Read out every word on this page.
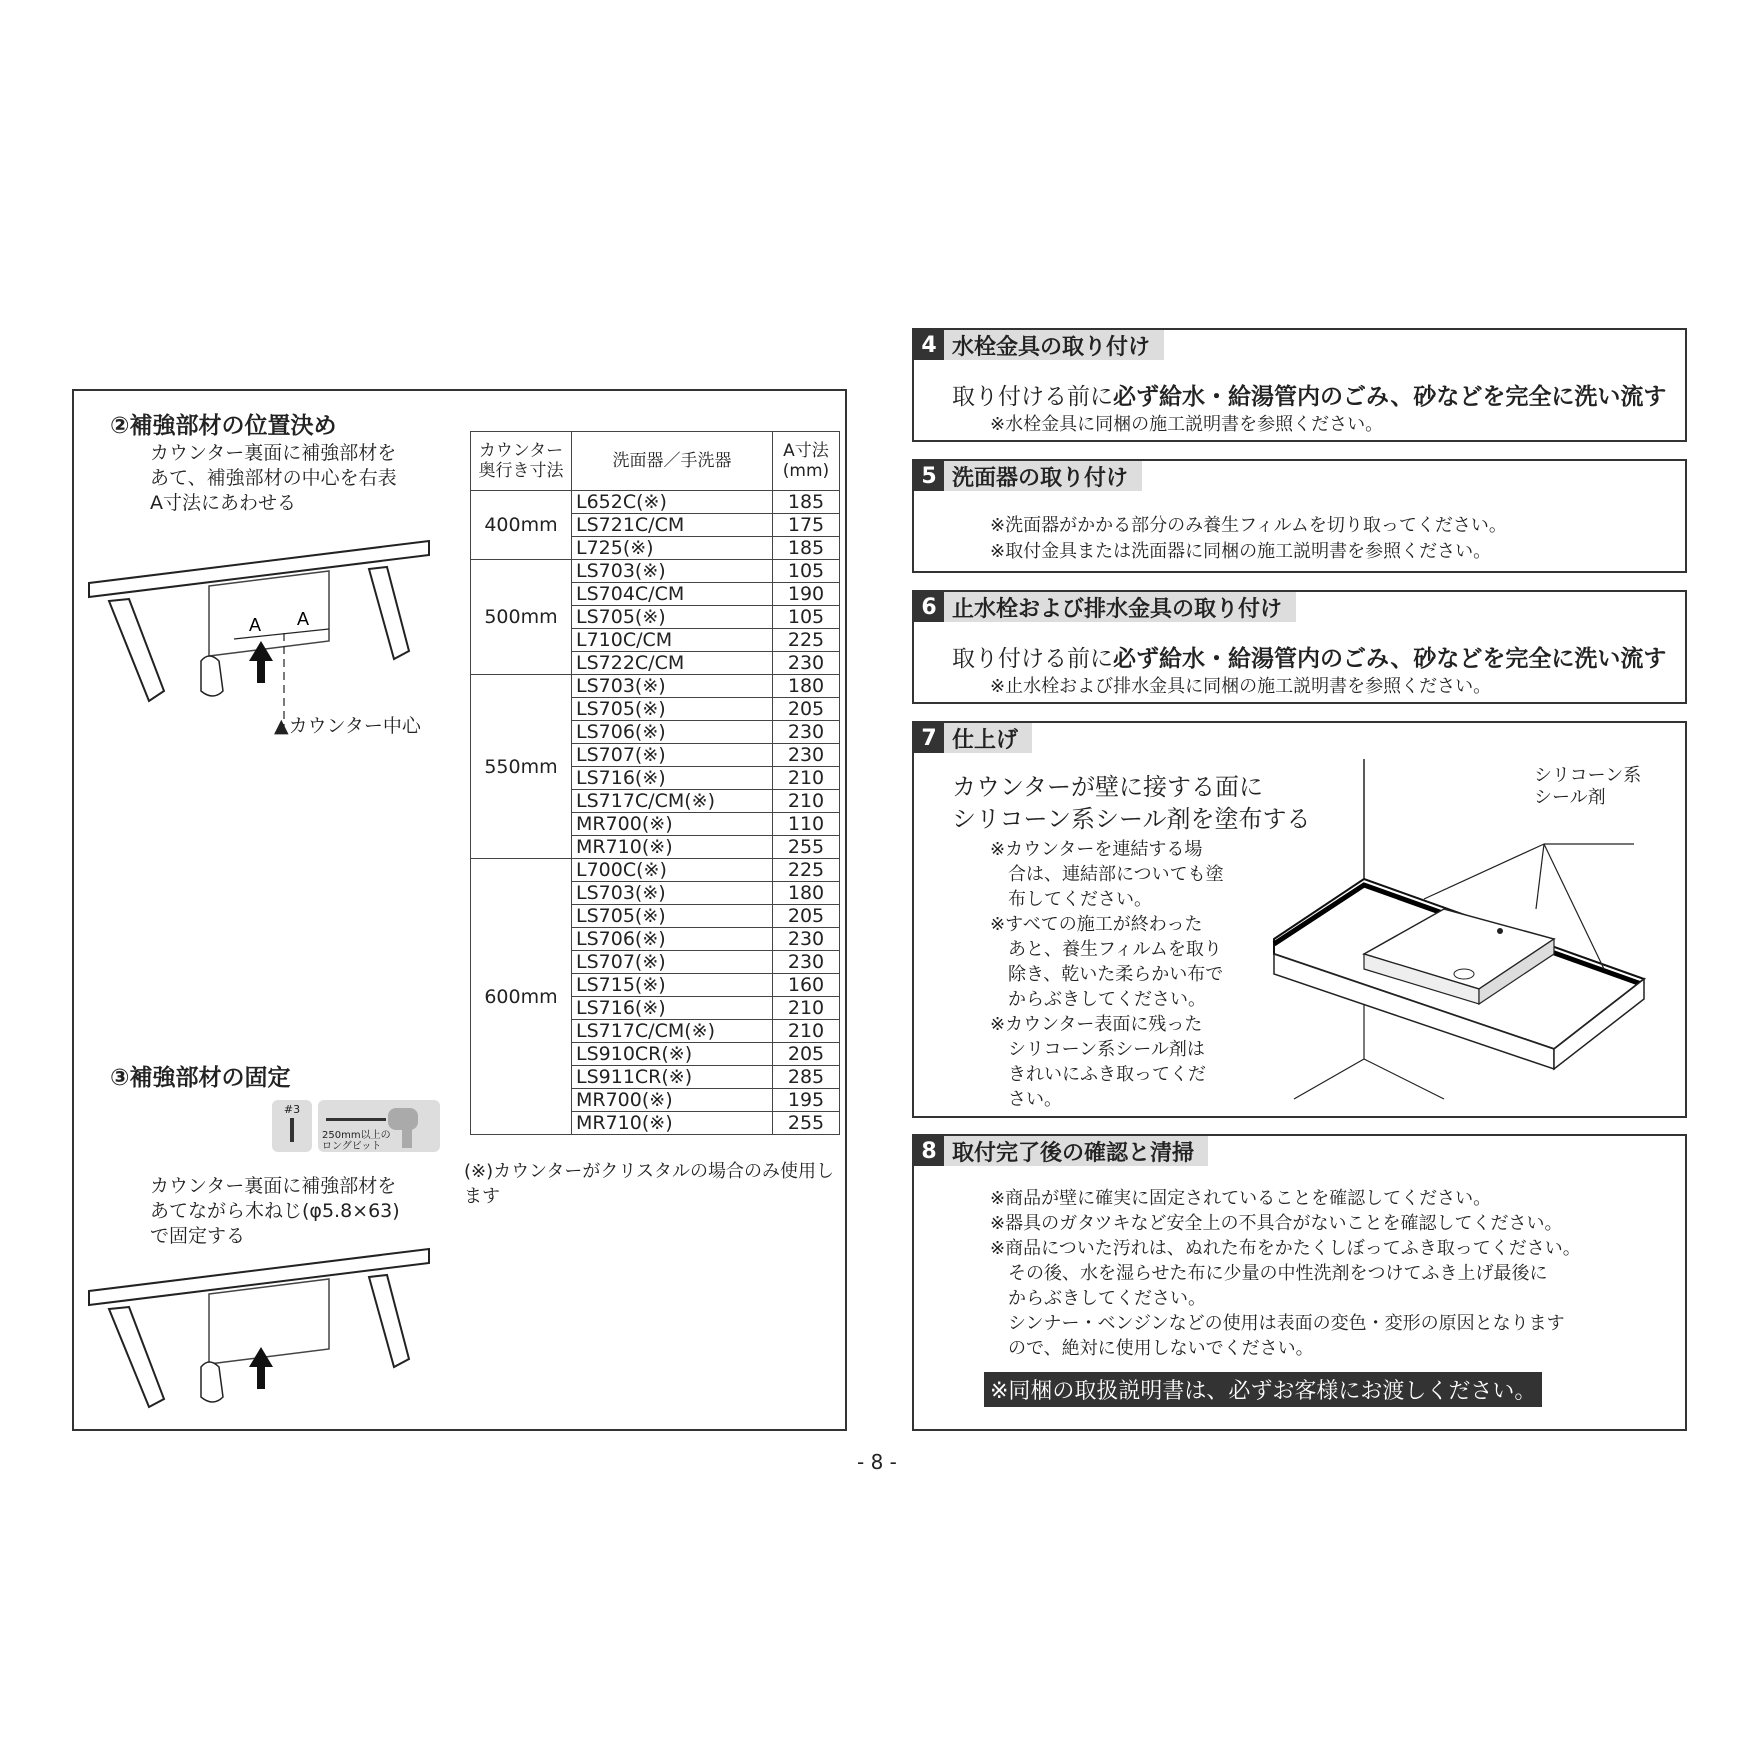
②補強部材の位置決め
カウンター裏面に補強部材を
あて、補強部材の中心を右表
A寸法にあわせる
A A
▲カウンター中心
③補強部材の固定
#3
250mm以上の
ロングビット
カウンター裏面に補強部材を
あてながら木ねじ(φ5.8×63)
で固定する
カウンター
奥行き寸法	洗面器／手洗器	A寸法
(mm)
400mm	L652C(※)	185
	LS721C/CM	175
	L725(※)	185
500mm	LS703(※)	105
	LS704C/CM	190
	LS705(※)	105
	L710C/CM	225
	LS722C/CM	230
550mm	LS703(※)	180
	LS705(※)	205
	LS706(※)	230
	LS707(※)	230
	LS716(※)	210
	LS717C/CM(※)	210
	MR700(※)	110
	MR710(※)	255
600mm	L700C(※)	225
	LS703(※)	180
	LS705(※)	205
	LS706(※)	230
	LS707(※)	230
	LS715(※)	160
	LS716(※)	210
	LS717C/CM(※)	210
	LS910CR(※)	205
	LS911CR(※)	285
	MR700(※)	195
	MR710(※)	255
(※)カウンターがクリスタルの場合のみ使用します
4 水栓金具の取り付け
取り付ける前に必ず給水・給湯管内のごみ、砂などを完全に洗い流す
※水栓金具に同梱の施工説明書を参照ください。
5 洗面器の取り付け
※洗面器がかかる部分のみ養生フィルムを切り取ってください。
※取付金具または洗面器に同梱の施工説明書を参照ください。
6 止水栓および排水金具の取り付け
取り付ける前に必ず給水・給湯管内のごみ、砂などを完全に洗い流す
※止水栓および排水金具に同梱の施工説明書を参照ください。
7 仕上げ
カウンターが壁に接する面に
シリコーン系シール剤を塗布する
※カウンターを連結する場
　合は、連結部についても塗
　布してください。
※すべての施工が終わった
　あと、養生フィルムを取り
　除き、乾いた柔らかい布で
　からぶきしてください。
※カウンター表面に残った
　シリコーン系シール剤は
　きれいにふき取ってくだ
　さい。
シリコーン系
シール剤
8 取付完了後の確認と清掃
※商品が壁に確実に固定されていることを確認してください。
※器具のガタツキなど安全上の不具合がないことを確認してください。
※商品についた汚れは、ぬれた布をかたくしぼってふき取ってください。
　その後、水を湿らせた布に少量の中性洗剤をつけてふき上げ最後に
　からぶきしてください。
　シンナー・ベンジンなどの使用は表面の変色・変形の原因となります
　ので、絶対に使用しないでください。
※同梱の取扱説明書は、必ずお客様にお渡しください。
- 8 -
